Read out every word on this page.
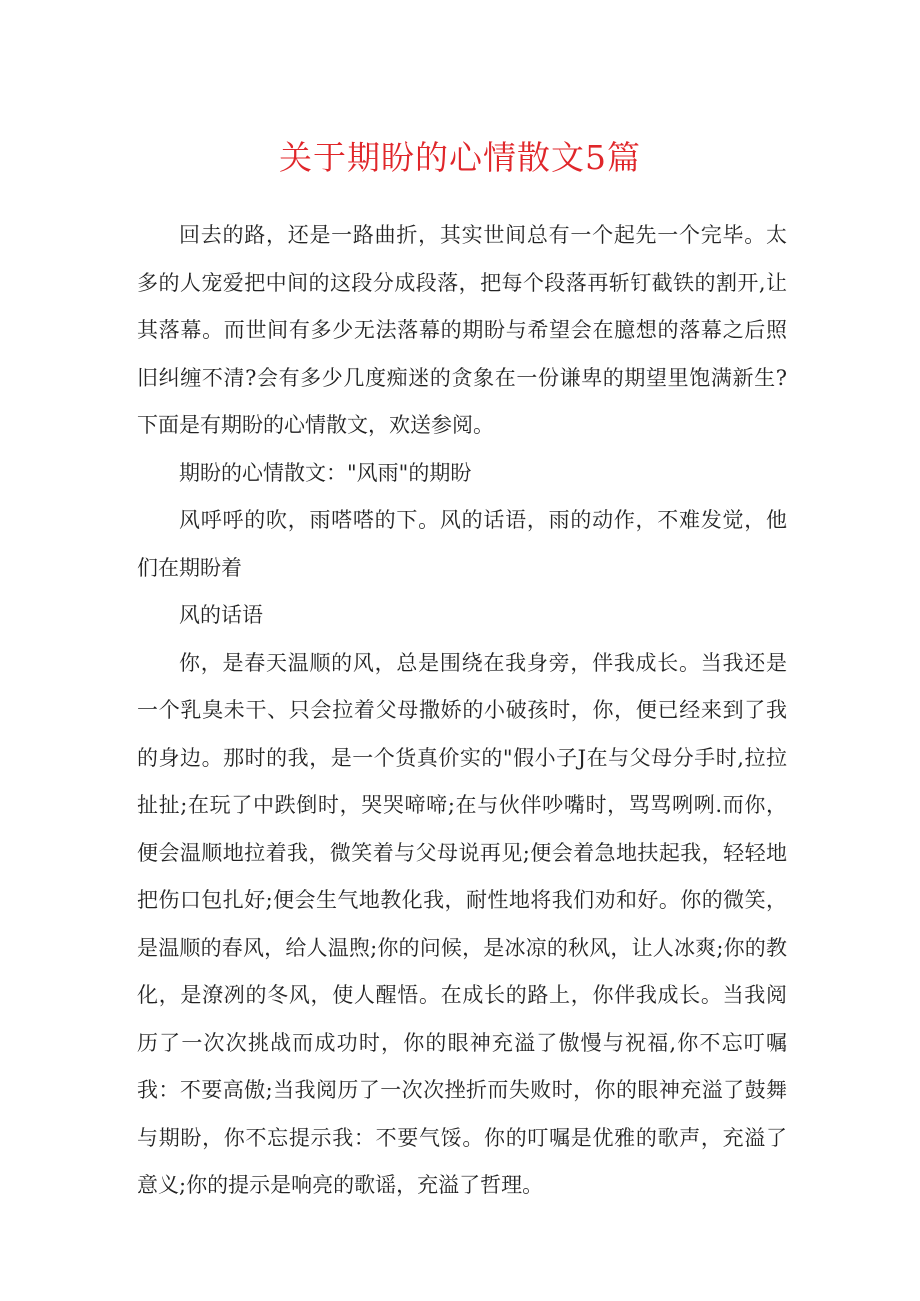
关于期盼的心情散文5篇

回去的路，还是一路曲折，其实世间总有一个起先一个完毕。太多的人宠爱把中间的这段分成段落，把每个段落再斩钉截铁的割开,让其落幕。而世间有多少无法落幕的期盼与希望会在臆想的落幕之后照旧纠缠不清?会有多少几度痴迷的贪象在一份谦卑的期望里饱满新生?下面是有期盼的心情散文，欢送参阅。

期盼的心情散文："风雨"的期盼

风呼呼的吹，雨嗒嗒的下。风的话语，雨的动作，不难发觉，他们在期盼着

风的话语

你，是春天温顺的风，总是围绕在我身旁，伴我成长。当我还是一个乳臭未干、只会拉着父母撒娇的小破孩时，你，便已经来到了我的身边。那时的我，是一个货真价实的"假小子J在与父母分手时,拉拉扯扯;在玩了中跌倒时，哭哭啼啼;在与伙伴吵嘴时，骂骂咧咧.而你，便会温顺地拉着我，微笑着与父母说再见;便会着急地扶起我，轻轻地把伤口包扎好;便会生气地教化我，耐性地将我们劝和好。你的微笑，是温顺的春风，给人温煦;你的问候，是冰凉的秋风，让人冰爽;你的教化，是潦冽的冬风，使人醒悟。在成长的路上，你伴我成长。当我阅历了一次次挑战而成功时，你的眼神充溢了傲慢与祝福,你不忘叮嘱我：不要高傲;当我阅历了一次次挫折而失败时，你的眼神充溢了鼓舞与期盼，你不忘提示我：不要气馁。你的叮嘱是优雅的歌声，充溢了意义;你的提示是响亮的歌谣，充溢了哲理。
